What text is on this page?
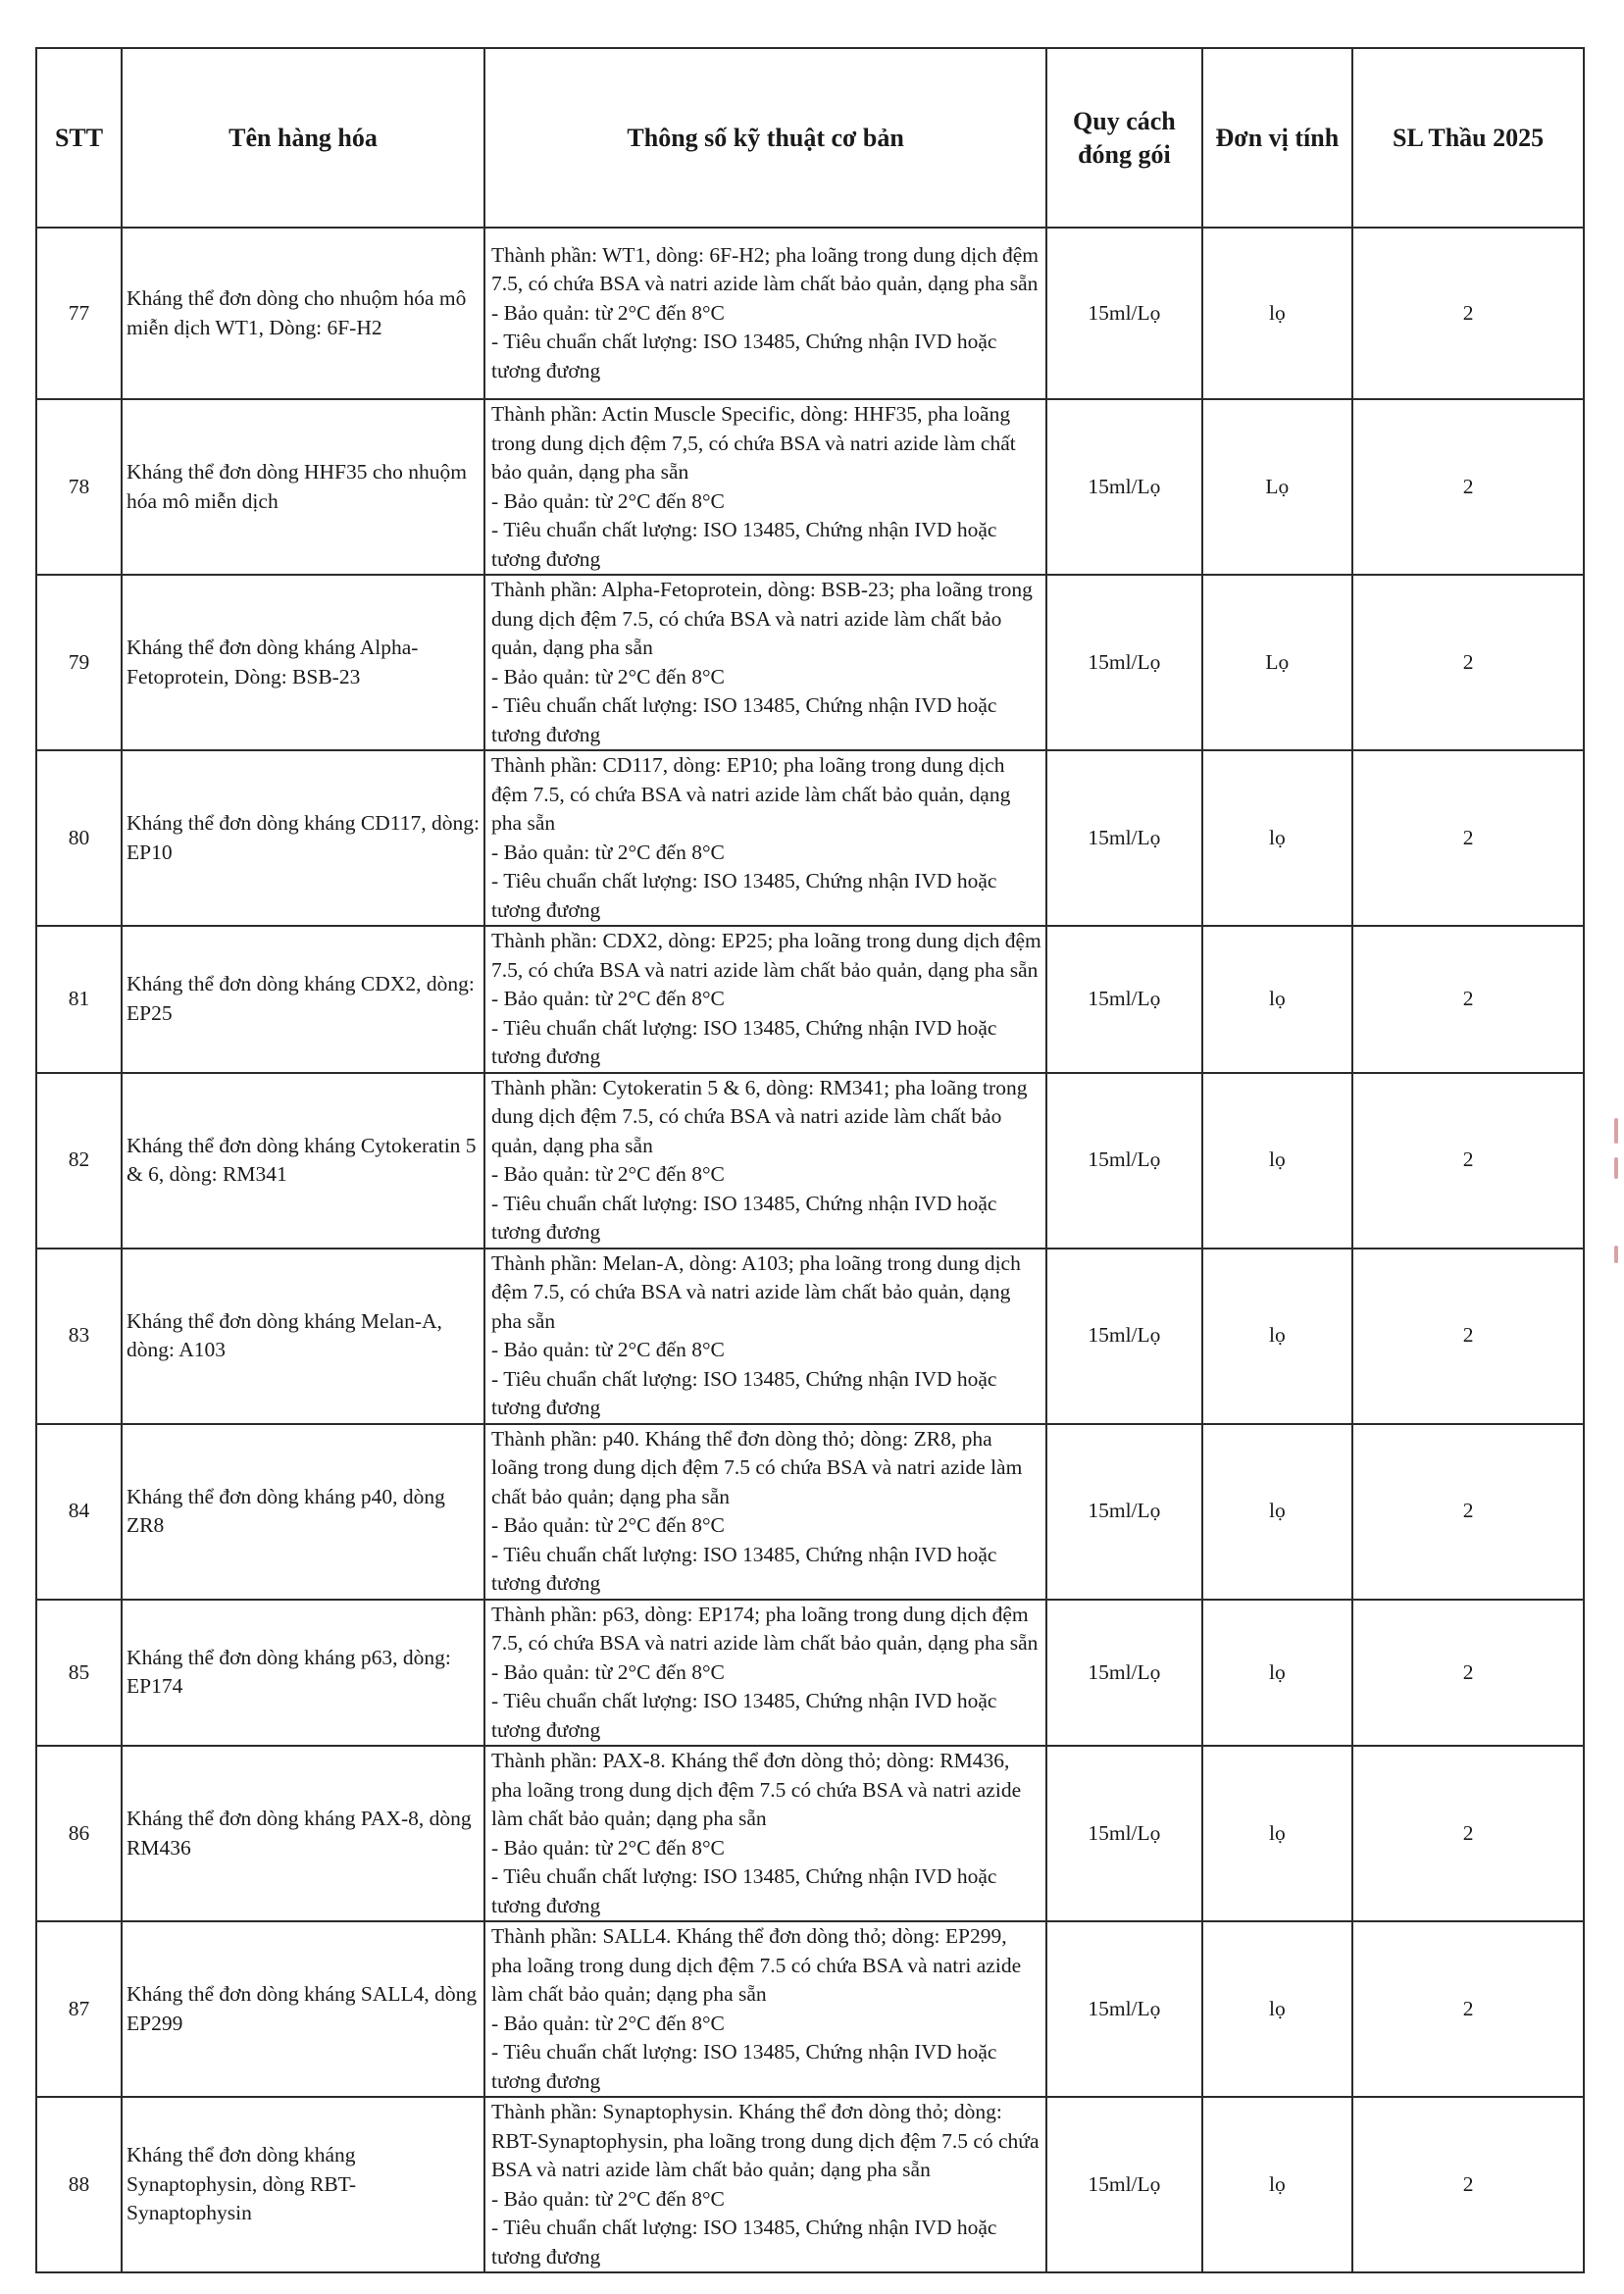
STT	Tên hàng hóa	Thông số kỹ thuật cơ bản	Quy cách đóng gói	Đơn vị tính	SL Thầu 2025
77	Kháng thể đơn dòng cho nhuộm hóa mô miễn dịch WT1, Dòng: 6F-H2	Thành phần: WT1, dòng: 6F-H2; pha loãng trong dung dịch đệm 7.5, có chứa BSA và natri azide làm chất bảo quản, dạng pha sẵn
- Bảo quản: từ 2°C đến 8°C
- Tiêu chuẩn chất lượng: ISO 13485, Chứng nhận IVD hoặc tương đương	15ml/Lọ	lọ	2
78	Kháng thể đơn dòng HHF35 cho nhuộm hóa mô miễn dịch	Thành phần: Actin Muscle Specific, dòng: HHF35, pha loãng trong dung dịch đệm 7,5, có chứa BSA và natri azide làm chất bảo quản, dạng pha sẵn
- Bảo quản: từ 2°C đến 8°C
- Tiêu chuẩn chất lượng: ISO 13485, Chứng nhận IVD hoặc tương đương	15ml/Lọ	Lọ	2
79	Kháng thể đơn dòng kháng Alpha- Fetoprotein, Dòng: BSB-23	Thành phần: Alpha-Fetoprotein, dòng: BSB-23; pha loãng trong dung dịch đệm 7.5, có chứa BSA và natri azide làm chất bảo quản, dạng pha sẵn
- Bảo quản: từ 2°C đến 8°C
- Tiêu chuẩn chất lượng: ISO 13485, Chứng nhận IVD hoặc tương đương	15ml/Lọ	Lọ	2
80	Kháng thể đơn dòng kháng CD117, dòng: EP10	Thành phần: CD117, dòng: EP10; pha loãng trong dung dịch đệm 7.5, có chứa BSA và natri azide làm chất bảo quản, dạng pha sẵn
- Bảo quản: từ 2°C đến 8°C
- Tiêu chuẩn chất lượng: ISO 13485, Chứng nhận IVD hoặc tương đương	15ml/Lọ	lọ	2
81	Kháng thể đơn dòng kháng CDX2, dòng: EP25	Thành phần: CDX2, dòng: EP25; pha loãng trong dung dịch đệm 7.5, có chứa BSA và natri azide làm chất bảo quản, dạng pha sẵn
- Bảo quản: từ 2°C đến 8°C
- Tiêu chuẩn chất lượng: ISO 13485, Chứng nhận IVD hoặc tương đương	15ml/Lọ	lọ	2
82	Kháng thể đơn dòng kháng Cytokeratin 5 & 6, dòng: RM341	Thành phần: Cytokeratin 5 & 6, dòng: RM341; pha loãng trong dung dịch đệm 7.5, có chứa BSA và natri azide làm chất bảo quản, dạng pha sẵn
- Bảo quản: từ 2°C đến 8°C
- Tiêu chuẩn chất lượng: ISO 13485, Chứng nhận IVD hoặc tương đương	15ml/Lọ	lọ	2
83	Kháng thể đơn dòng kháng Melan-A, dòng: A103	Thành phần: Melan-A, dòng: A103; pha loãng trong dung dịch đệm 7.5, có chứa BSA và natri azide làm chất bảo quản, dạng pha sẵn
- Bảo quản: từ 2°C đến 8°C
- Tiêu chuẩn chất lượng: ISO 13485, Chứng nhận IVD hoặc tương đương	15ml/Lọ	lọ	2
84	Kháng thể đơn dòng kháng p40, dòng ZR8	Thành phần: p40. Kháng thể đơn dòng thỏ; dòng: ZR8, pha loãng trong dung dịch đệm 7.5 có chứa BSA và natri azide làm chất bảo quản; dạng pha sẵn
- Bảo quản: từ 2°C đến 8°C
- Tiêu chuẩn chất lượng: ISO 13485, Chứng nhận IVD hoặc tương đương	15ml/Lọ	lọ	2
85	Kháng thể đơn dòng kháng p63, dòng: EP174	Thành phần: p63, dòng: EP174; pha loãng trong dung dịch đệm 7.5, có chứa BSA và natri azide làm chất bảo quản, dạng pha sẵn
- Bảo quản: từ 2°C đến 8°C
- Tiêu chuẩn chất lượng: ISO 13485, Chứng nhận IVD hoặc tương đương	15ml/Lọ	lọ	2
86	Kháng thể đơn dòng kháng PAX-8, dòng RM436	Thành phần: PAX-8. Kháng thể đơn dòng thỏ; dòng: RM436, pha loãng trong dung dịch đệm 7.5 có chứa BSA và natri azide làm chất bảo quản; dạng pha sẵn
- Bảo quản: từ 2°C đến 8°C
- Tiêu chuẩn chất lượng: ISO 13485, Chứng nhận IVD hoặc tương đương	15ml/Lọ	lọ	2
87	Kháng thể đơn dòng kháng SALL4, dòng EP299	Thành phần: SALL4. Kháng thể đơn dòng thỏ; dòng: EP299, pha loãng trong dung dịch đệm 7.5 có chứa BSA và natri azide làm chất bảo quản; dạng pha sẵn
- Bảo quản: từ 2°C đến 8°C
- Tiêu chuẩn chất lượng: ISO 13485, Chứng nhận IVD hoặc tương đương	15ml/Lọ	lọ	2
88	Kháng thể đơn dòng kháng Synaptophysin, dòng RBT-Synaptophysin	Thành phần: Synaptophysin. Kháng thể đơn dòng thỏ; dòng: RBT-Synaptophysin, pha loãng trong dung dịch đệm 7.5 có chứa BSA và natri azide làm chất bảo quản; dạng pha sẵn
- Bảo quản: từ 2°C đến 8°C
- Tiêu chuẩn chất lượng: ISO 13485, Chứng nhận IVD hoặc tương đương	15ml/Lọ	lọ	2
